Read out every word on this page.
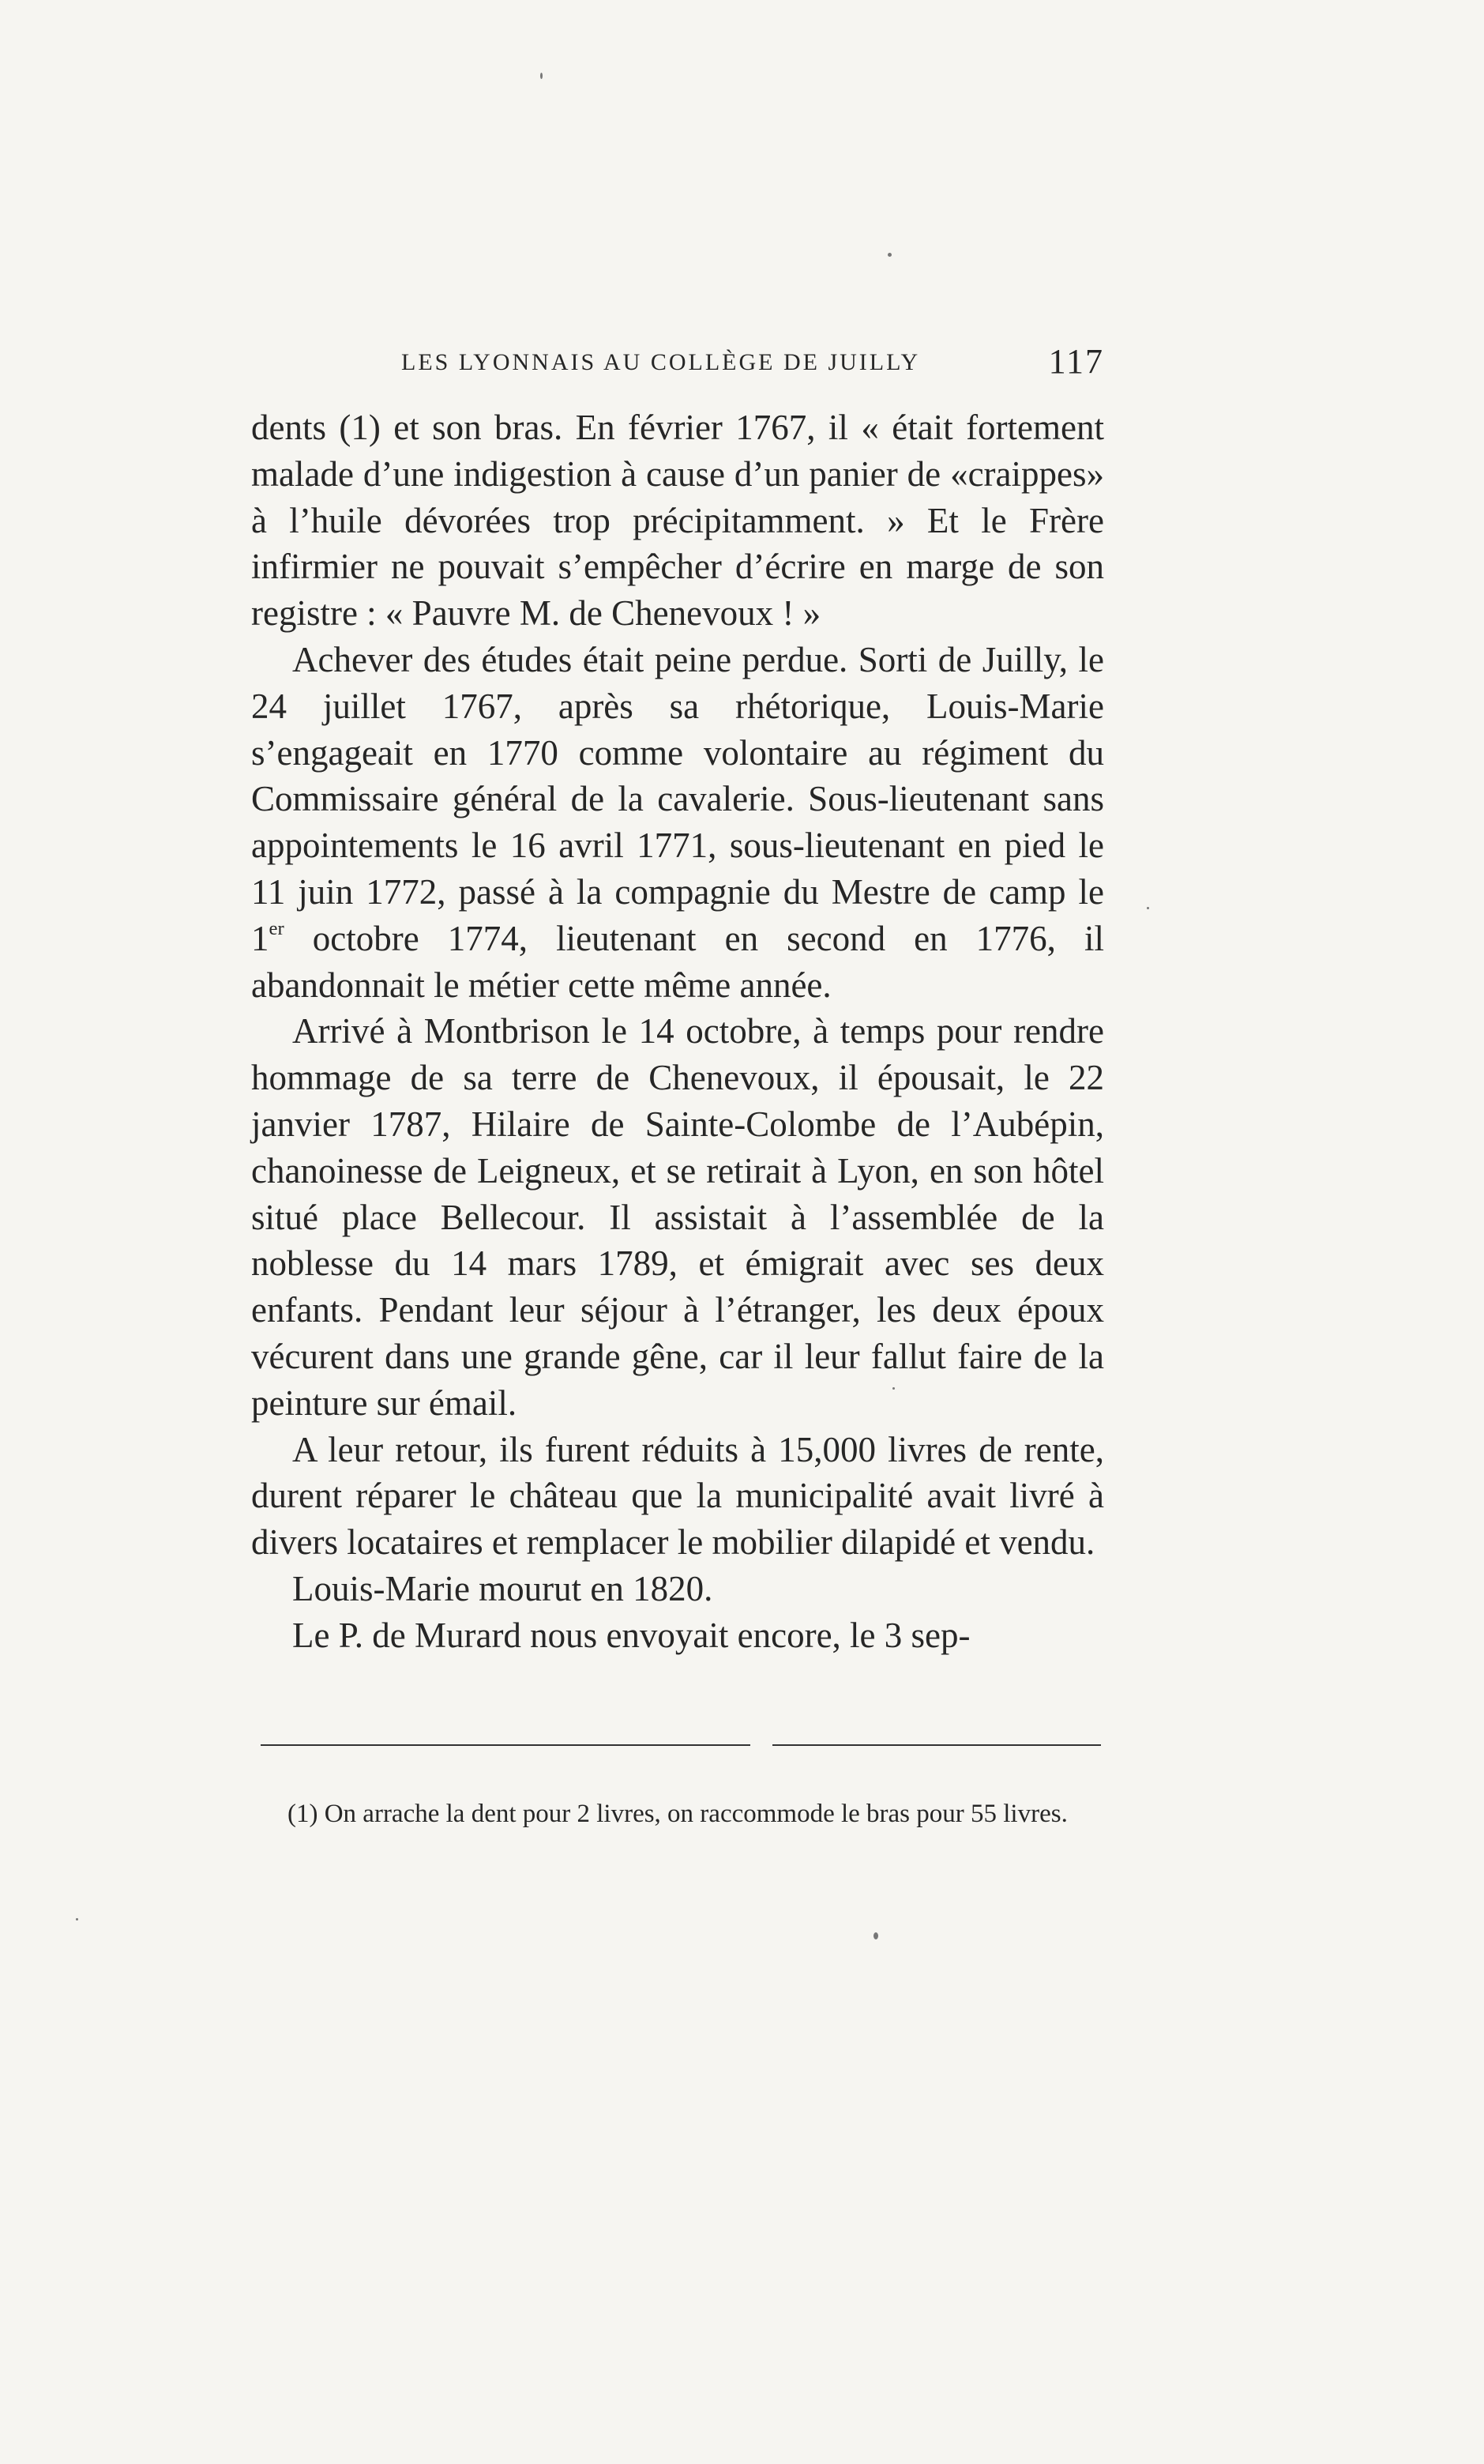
LES LYONNAIS AU COLLÈGE DE JUILLY	117

dents (1) et son bras. En février 1767, il « était fortement malade d’une indigestion à cause d’un panier de «craippes» à l’huile dévorées trop précipitamment. » Et le Frère infirmier ne pouvait s’empêcher d’écrire en marge de son registre : « Pauvre M. de Chenevoux ! »

Achever des études était peine perdue. Sorti de Juilly, le 24 juillet 1767, après sa rhétorique, Louis-Marie s’engageait en 1770 comme volontaire au régiment du Commissaire général de la cavalerie. Sous-lieutenant sans appointements le 16 avril 1771, sous-lieutenant en pied le 11 juin 1772, passé à la compagnie du Mestre de camp le 1er octobre 1774, lieutenant en second en 1776, il abandonnait le métier cette même année.

Arrivé à Montbrison le 14 octobre, à temps pour rendre hommage de sa terre de Chenevoux, il épousait, le 22 janvier 1787, Hilaire de Sainte-Colombe de l’Aubépin, chanoinesse de Leigneux, et se retirait à Lyon, en son hôtel situé place Bellecour. Il assistait à l’assemblée de la noblesse du 14 mars 1789, et émigrait avec ses deux enfants. Pendant leur séjour à l’étranger, les deux époux vécurent dans une grande gêne, car il leur fallut faire de la peinture sur émail.

A leur retour, ils furent réduits à 15,000 livres de rente, durent réparer le château que la municipalité avait livré à divers locataires et remplacer le mobilier dilapidé et vendu.

Louis-Marie mourut en 1820.

Le P. de Murard nous envoyait encore, le 3 sep-

(1) On arrache la dent pour 2 livres, on raccommode le bras pour 55 livres.
